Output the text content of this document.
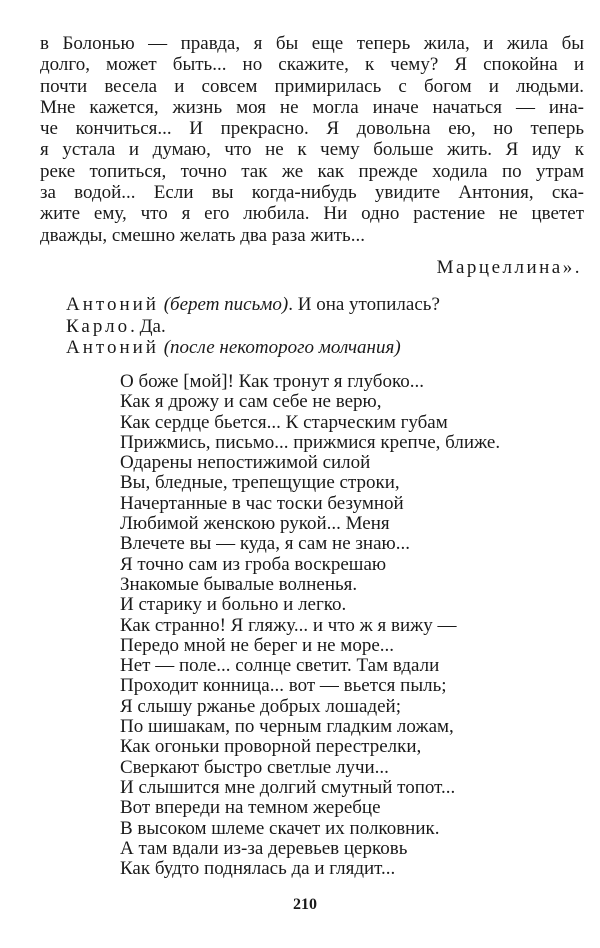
в Болонью — правда, я бы еще теперь жила, и жила бы
долго, может быть... но скажите, к чему? Я спокойна и
почти весела и совсем примирилась с богом и людьми.
Мне кажется, жизнь моя не могла иначе начаться — ина-
че кончиться... И прекрасно. Я довольна ею, но теперь
я устала и думаю, что не к чему больше жить. Я иду к
реке топиться, точно так же как прежде ходила по утрам
за водой... Если вы когда-нибудь увидите Антония, ска-
жите ему, что я его любила. Ни одно растение не цветет
дважды, смешно желать два раза жить...
Марцеллина».
Антоний (берет письмо). И она утопилась?
Карло. Да.
Антоний (после некоторого молчания)
О боже [мой]! Как тронут я глубоко...
Как я дрожу и сам себе не верю,
Как сердце бьется... К старческим губам
Прижмись, письмо... прижмися крепче, ближе.
Одарены непостижимой силой
Вы, бледные, трепещущие строки,
Начертанные в час тоски безумной
Любимой женскою рукой... Меня
Влечете вы — куда, я сам не знаю...
Я точно сам из гроба воскрешаю
Знакомые бывалые волненья.
И старику и больно и легко.
Как странно! Я гляжу... и что ж я вижу —
Передо мной не берег и не море...
Нет — поле... солнце светит. Там вдали
Проходит конница... вот — вьется пыль;
Я слышу ржанье добрых лошадей;
По шишакам, по черным гладким ложам,
Как огоньки проворной перестрелки,
Сверкают быстро светлые лучи...
И слышится мне долгий смутный топот...
Вот впереди на темном жеребце
В высоком шлеме скачет их полковник.
А там вдали из-за деревьев церковь
Как будто поднялась да и глядит...
210
